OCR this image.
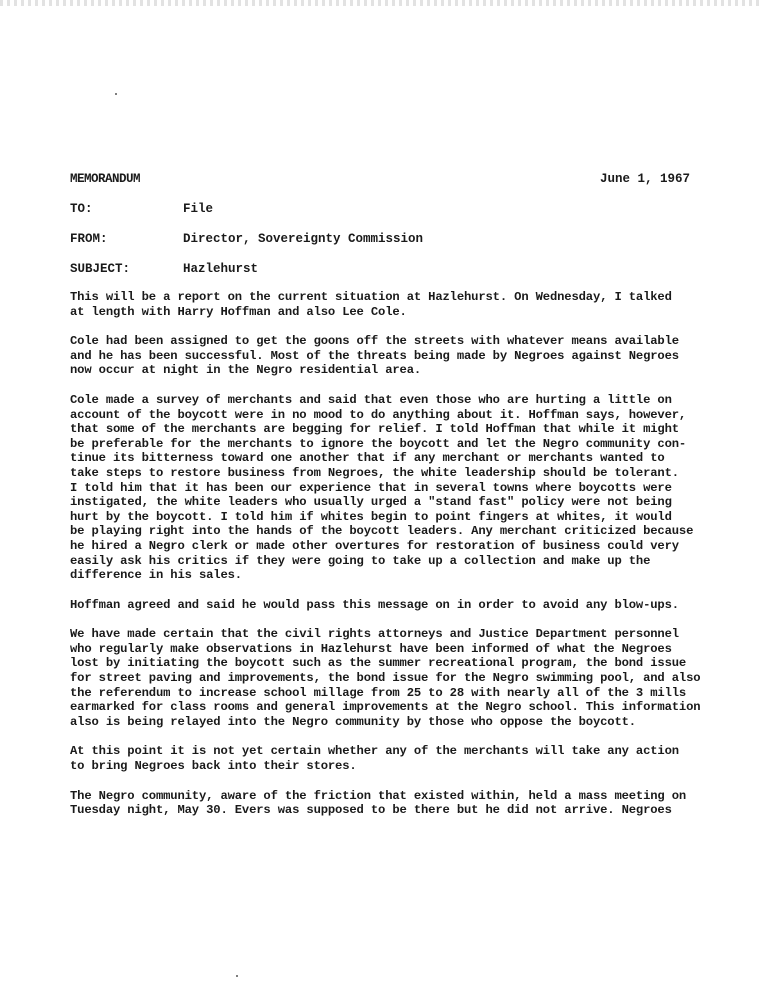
MEMORANDUM	June 1, 1967
TO:	File
FROM:	Director, Sovereignty Commission
SUBJECT:	Hazlehurst

This will be a report on the current situation at Hazlehurst. On Wednesday, I talked
at length with Harry Hoffman and also Lee Cole.

Cole had been assigned to get the goons off the streets with whatever means available
and he has been successful. Most of the threats being made by Negroes against Negroes
now occur at night in the Negro residential area.

Cole made a survey of merchants and said that even those who are hurting a little on
account of the boycott were in no mood to do anything about it. Hoffman says, however,
that some of the merchants are begging for relief. I told Hoffman that while it might
be preferable for the merchants to ignore the boycott and let the Negro community con-
tinue its bitterness toward one another that if any merchant or merchants wanted to
take steps to restore business from Negroes, the white leadership should be tolerant.
I told him that it has been our experience that in several towns where boycotts were
instigated, the white leaders who usually urged a "stand fast" policy were not being
hurt by the boycott. I told him if whites begin to point fingers at whites, it would
be playing right into the hands of the boycott leaders. Any merchant criticized because
he hired a Negro clerk or made other overtures for restoration of business could very
easily ask his critics if they were going to take up a collection and make up the
difference in his sales.

Hoffman agreed and said he would pass this message on in order to avoid any blow-ups.

We have made certain that the civil rights attorneys and Justice Department personnel
who regularly make observations in Hazlehurst have been informed of what the Negroes
lost by initiating the boycott such as the summer recreational program, the bond issue
for street paving and improvements, the bond issue for the Negro swimming pool, and also
the referendum to increase school millage from 25 to 28 with nearly all of the 3 mills
earmarked for class rooms and general improvements at the Negro school. This information
also is being relayed into the Negro community by those who oppose the boycott.

At this point it is not yet certain whether any of the merchants will take any action
to bring Negroes back into their stores.

The Negro community, aware of the friction that existed within, held a mass meeting on
Tuesday night, May 30. Evers was supposed to be there but he did not arrive. Negroes
